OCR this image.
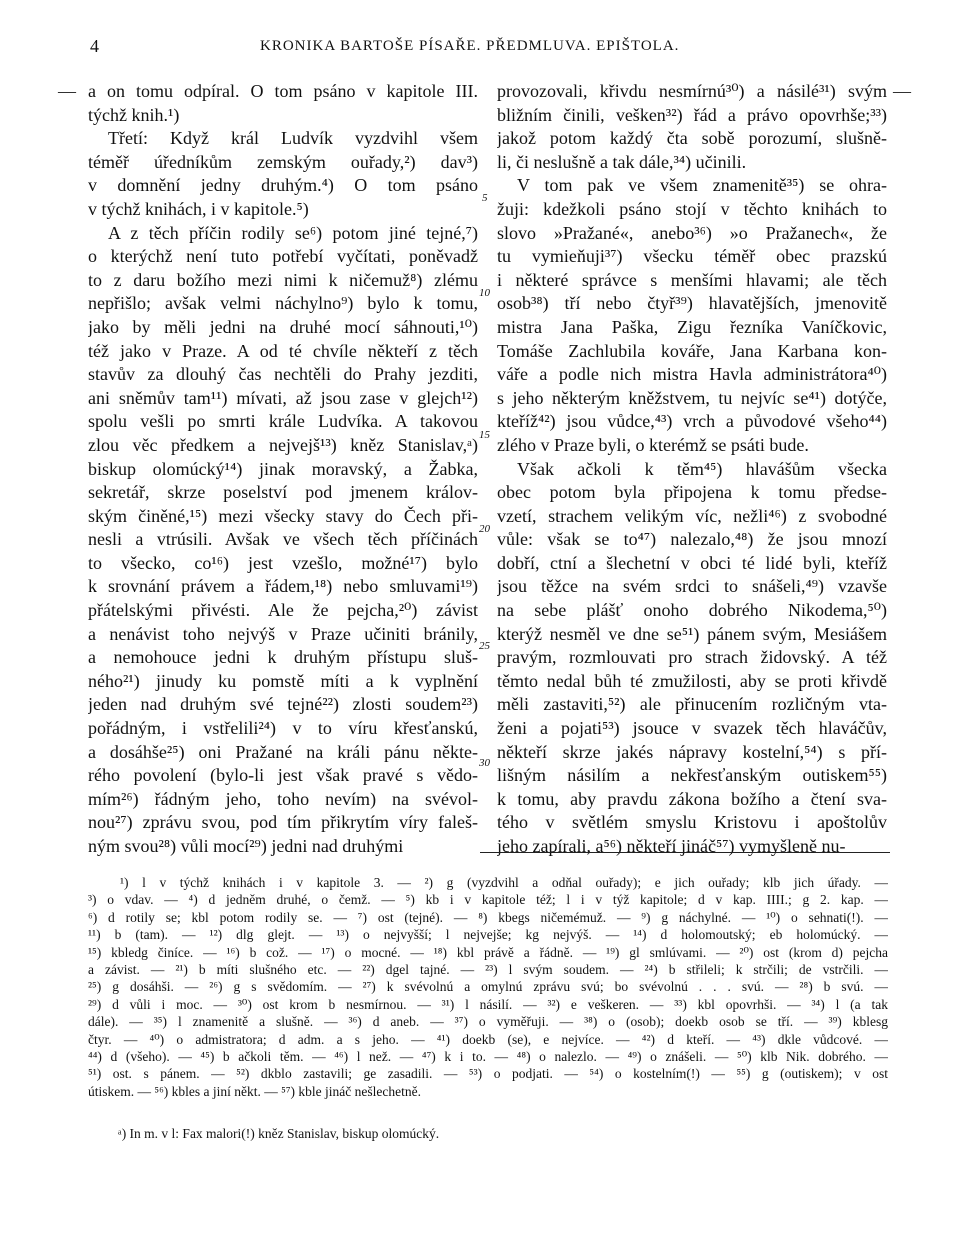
4	KRONIKA BARTOŠE PÍSAŘE. PŘEDMLUVA. EPIŠTOLA.
—	—
a on tomu odpíral. O tom psáno v kapitole III.
týchž knih.¹)
Třetí: Když král Ludvík vyzdvihl všem
téměř úředníkům zemským ouřady,²) dav³)
v domnění jedny druhým.⁴) O tom psáno
v týchž knihách, i v kapitole.⁵)
A z těch příčin rodily se⁶) potom jiné tejné,⁷)
o kterýchž není tuto potřebí vyčítati, poněvadž
to z daru božího mezi nimi k ničemuž⁸) zlému
nepřišlo; avšak velmi náchylno⁹) bylo k tomu,
jako by měli jedni na druhé mocí sáhnouti,¹⁰)
též jako v Praze. A od té chvíle někteří z těch
stavův za dlouhý čas nechtěli do Prahy jezditi,
ani sněmův tam¹¹) mívati, až jsou zase v glejch¹²)
spolu vešli po smrti krále Ludvíka. A takovou
zlou věc předkem a nejvejš¹³) kněz Stanislav,ᵃ)
biskup olomúcký¹⁴) jinak moravský, a Žabka,
sekretář, skrze poselství pod jmenem králov-
ským činěné,¹⁵) mezi všecky stavy do Čech při-
nesli a vtrúsili. Avšak ve všech těch příčinách
to všecko, co¹⁶) jest vzešlo, možné¹⁷) bylo
k srovnání právem a řádem,¹⁸) nebo smluvami¹⁹)
přátelskými přivésti. Ale že pejcha,²⁰) závist
a nenávist toho nejvýš v Praze učiniti bránily,
a nemohouce jedni k druhým přístupu sluš-
ného²¹) jinudy ku pomstě míti a k vyplnění
jeden nad druhým své tejné²²) zlosti soudem²³)
pořádným, i vstřelili²⁴) v to víru křesťanskú,
a dosáhše²⁵) oni Pražané na králi pánu někte-
rého povolení (bylo-li jest však pravé s vědo-
mím²⁶) řádným jeho, toho nevím) na svévol-
nou²⁷) zprávu svou, pod tím přikrytím víry faleš-
ným svou²⁸) vůli mocí²⁹) jedni nad druhými
provozovali, křivdu nesmírnú³⁰) a násilé³¹) svým
bližním činili, vešken³²) řád a právo opovrhše;³³)
jakož potom každý čta sobě porozumí, slušně-
li, či neslušně a tak dále,³⁴) učinili.
V tom pak ve všem znamenitě³⁵) se ohra-
žuji: kdežkoli psáno stojí v těchto knihách to
slovo »Pražané«, anebo³⁶) »o Pražanech«, že
tu vymieňuji³⁷) všecku téměř obec prazskú
i některé správce s menšími hlavami; ale těch
osob³⁸) tří nebo čtyř³⁹) hlavatějších, jmenovitě
mistra Jana Paška, Zigu řezníka Vaníčkovic,
Tomáše Zachlubila kováře, Jana Karbana kon-
váře a podle nich mistra Havla administrátora⁴⁰)
s jeho některým kněžstvem, tu nejvíc se⁴¹) dotýče,
kteříž⁴²) jsou vůdce,⁴³) vrch a původové všeho⁴⁴)
zlého v Praze byli, o kterémž se psáti bude.
Však ačkoli k těm⁴⁵) hlavášům všecka
obec potom byla připojena k tomu předse-
vzetí, strachem velikým víc, nežli⁴⁶) z svobodné
vůle: však se to⁴⁷) nalezalo,⁴⁸) že jsou mnozí
dobří, ctní a šlechetní v obci té lidé byli, kteříž
jsou těžce na svém srdci to snášeli,⁴⁹) vzavše
na sebe plášť onoho dobrého Nikodema,⁵⁰)
kterýž nesměl ve dne se⁵¹) pánem svým, Mesiášem
pravým, rozmlouvati pro strach židovský. A též
těmto nedal bůh té zmužilosti, aby se proti křivdě
měli zastaviti,⁵²) ale přinucením rozličným vta-
ženi a pojati⁵³) jsouce v svazek těch hlaváčův,
někteří skrze jakés nápravy kostelní,⁵⁴) s pří-
lišným násilím a nekřesťanským outiskem⁵⁵)
k tomu, aby pravdu zákona božího a čtení sva-
tého v světlém smyslu Kristovu i apoštolův
jeho zapírali, a⁵⁶) někteří jináč⁵⁷) vymyšleně nu-
5
10
15
20
25
30
¹) l v týchž knihách i v kapitole 3. — ²) g (vyzdvihl a odňal ouřady); e jich ouřady; klb jich úřady. —
³) o vdav. — ⁴) d jedněm druhé, o čemž. — ⁵) kb i v kapitole též; l i v týž kapitole; d v kap. IIII.; g 2. kap. —
⁶) d rotily se; kbl potom rodily se. — ⁷) ost (tejné). — ⁸) kbegs ničemémuž. — ⁹) g náchylné. — ¹⁰) o sehnati(!). —
¹¹) b (tam). — ¹²) dlg glejt. — ¹³) o nejvyšší; l nejvejše; kg nejvýš. — ¹⁴) d holomoutský; eb holomúcký. —
¹⁵) kbledg činíce. — ¹⁶) b což. — ¹⁷) o mocné. — ¹⁸) kbl právě a řádně. — ¹⁹) gl smlúvami. — ²⁰) ost (krom d) pejcha
a závist. — ²¹) b míti slušného etc. — ²²) dgel tajné. — ²³) l svým soudem. — ²⁴) b střileli; k strčili; de vstrčili. —
²⁵) g dosáhši. — ²⁶) g s svědomím. — ²⁷) k svévolnú a omylnú zprávu svú; bo svévolnú . . . svú. — ²⁸) b svú. —
²⁹) d vůli i moc. — ³⁰) ost krom b nesmírnou. — ³¹) l násilí. — ³²) e veškeren. — ³³) kbl opovrhši. — ³⁴) l (a tak
dále). — ³⁵) l znamenitě a slušně. — ³⁶) d aneb. — ³⁷) o vyměřuji. — ³⁸) o (osob); doekb osob se tří. — ³⁹) kblesg
čtyr. — ⁴⁰) o admistratora; d adm. a s jeho. — ⁴¹) doekb (se), e nejvíce. — ⁴²) d kteří. — ⁴³) dkle vůdcové. —
⁴⁴) d (všeho). — ⁴⁵) b ačkoli těm. — ⁴⁶) l než. — ⁴⁷) k i to. — ⁴⁸) o nalezlo. — ⁴⁹) o znášeli. — ⁵⁰) klb Nik. dobrého. —
⁵¹) ost. s pánem. — ⁵²) dkblo zastavili; ge zasadili. — ⁵³) o podjati. — ⁵⁴) o kostelním(!) — ⁵⁵) g (outiskem); v ost
útiskem. — ⁵⁶) kbles a jiní někt. — ⁵⁷) kble jináč nešlechetně.
ᵃ) In m. v l: Fax malori(!) kněz Stanislav, biskup olomúcký.
